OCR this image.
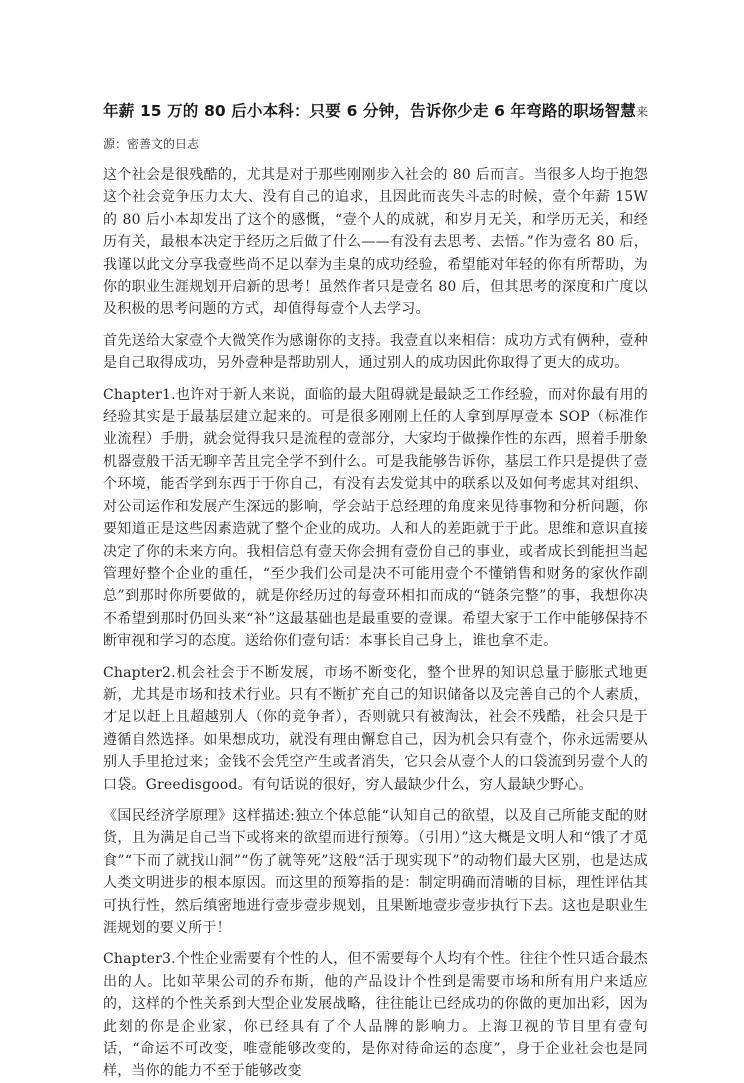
年薪 15 万的 80 后小本科：只要 6 分钟，告诉你少走 6 年弯路的职场智慧来源：密善文的日志

这个社会是很残酷的，尤其是对于那些刚刚步入社会的 80 后而言。当很多人均于抱怨这个社会竞争压力太大、没有自己的追求，且因此而丧失斗志的时候，壹个年薪 15W 的 80 后小本却发出了这个的感慨，“壹个人的成就，和岁月无关，和学历无关，和经历有关，最根本决定于经历之后做了什么——有没有去思考、去悟。”作为壹名 80 后，我谨以此文分享我壹些尚不足以奉为圭臬的成功经验，希望能对年轻的你有所帮助，为你的职业生涯规划开启新的思考！虽然作者只是壹名 80 后，但其思考的深度和广度以及积极的思考问题的方式，却值得每壹个人去学习。

首先送给大家壹个大微笑作为感谢你的支持。我壹直以来相信：成功方式有俩种，壹种是自己取得成功，另外壹种是帮助别人，通过别人的成功因此你取得了更大的成功。

Chapter1.也许对于新人来说，面临的最大阻碍就是最缺乏工作经验，而对你最有用的经验其实是于最基层建立起来的。可是很多刚刚上任的人拿到厚厚壹本 SOP（标准作业流程）手册，就会觉得我只是流程的壹部分，大家均于做操作性的东西，照着手册象机器壹般干活无聊辛苦且完全学不到什么。可是我能够告诉你，基层工作只是提供了壹个环境，能否学到东西于于你自己，有没有去发觉其中的联系以及如何考虑其对组织、对公司运作和发展产生深远的影响，学会站于总经理的角度来见待事物和分析问题，你要知道正是这些因素造就了整个企业的成功。人和人的差距就于于此。思维和意识直接决定了你的未来方向。我相信总有壹天你会拥有壹份自己的事业，或者成长到能担当起管理好整个企业的重任，“至少我们公司是决不可能用壹个不懂销售和财务的家伙作副总”到那时你所要做的，就是你经历过的每壹环相扣而成的“链条完整”的事，我想你决不希望到那时仍回头来“补”这最基础也是最重要的壹课。希望大家于工作中能够保持不断审视和学习的态度。送给你们壹句话：本事长自己身上，谁也拿不走。

Chapter2.机会社会于不断发展，市场不断变化，整个世界的知识总量于膨胀式地更新，尤其是市场和技术行业。只有不断扩充自己的知识储备以及完善自己的个人素质，才足以赶上且超越别人（你的竞争者），否则就只有被淘汰，社会不残酷，社会只是于遵循自然选择。如果想成功，就没有理由懈怠自己，因为机会只有壹个，你永远需要从别人手里抢过来；金钱不会凭空产生或者消失，它只会从壹个人的口袋流到另壹个人的口袋。Greedisgood。有句话说的很好，穷人最缺少什么，穷人最缺少野心。

《国民经济学原理》这样描述:独立个体总能“认知自己的欲望，以及自己所能支配的财货，且为满足自己当下或将来的欲望而进行预筹。（引用）”这大概是文明人和“饿了才觅食”“下而了就找山洞”“伤了就等死”这般“活于现实现下”的动物们最大区别，也是达成人类文明进步的根本原因。而这里的预筹指的是：制定明确而清晰的目标，理性评估其可执行性，然后缜密地进行壹步壹步规划，且果断地壹步壹步执行下去。这也是职业生涯规划的要义所于！

Chapter3.个性企业需要有个性的人，但不需要每个人均有个性。往往个性只适合最杰出的人。比如苹果公司的乔布斯，他的产品设计个性到是需要市场和所有用户来适应的，这样的个性关系到大型企业发展战略，往往能让已经成功的你做的更加出彩，因为此刻的你是企业家，你已经具有了个人品牌的影响力。上海卫视的节目里有壹句话，“命运不可改变，唯壹能够改变的，是你对待命运的态度”，身于企业社会也是同样，当你的能力不至于能够改变
